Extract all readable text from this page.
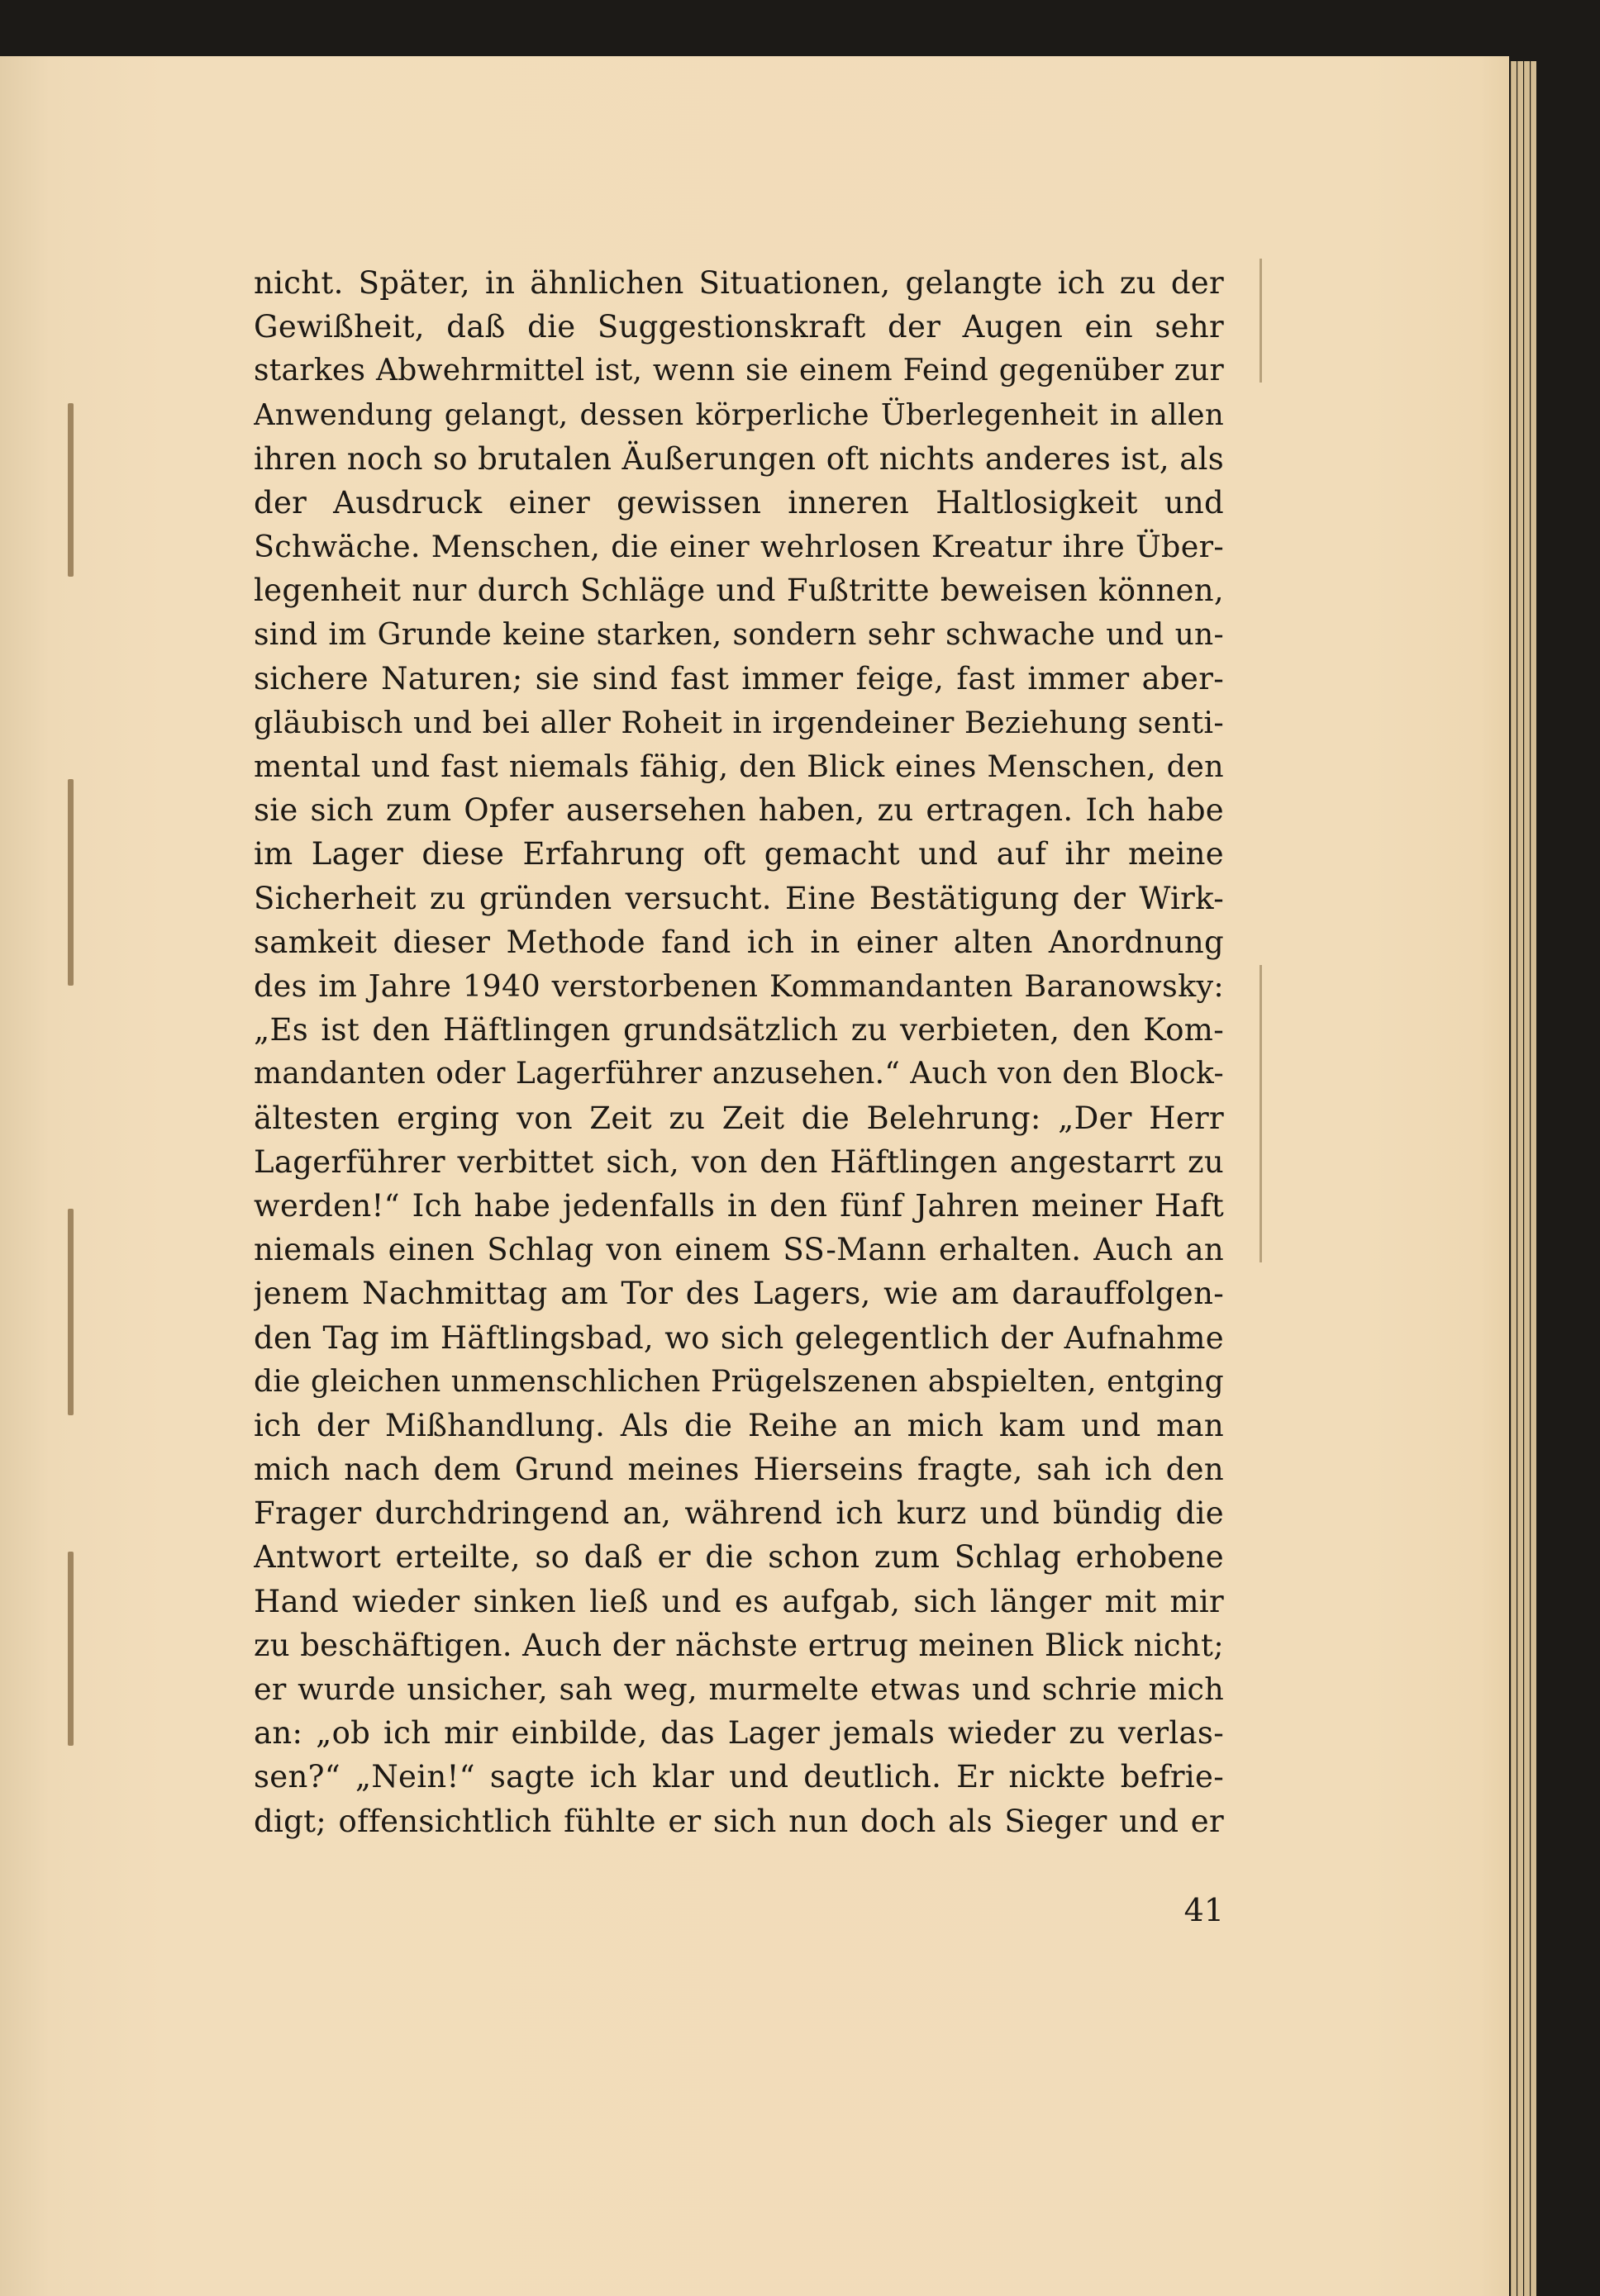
nicht. Später, in ähnlichen Situationen, gelangte ich zu der
Gewißheit, daß die Suggestionskraft der Augen ein sehr
starkes Abwehrmittel ist, wenn sie einem Feind gegenüber zur
Anwendung gelangt, dessen körperliche Überlegenheit in allen
ihren noch so brutalen Äußerungen oft nichts anderes ist, als
der Ausdruck einer gewissen inneren Haltlosigkeit und
Schwäche. Menschen, die einer wehrlosen Kreatur ihre Über-
legenheit nur durch Schläge und Fußtritte beweisen können,
sind im Grunde keine starken, sondern sehr schwache und un-
sichere Naturen; sie sind fast immer feige, fast immer aber-
gläubisch und bei aller Roheit in irgendeiner Beziehung senti-
mental und fast niemals fähig, den Blick eines Menschen, den
sie sich zum Opfer ausersehen haben, zu ertragen. Ich habe
im Lager diese Erfahrung oft gemacht und auf ihr meine
Sicherheit zu gründen versucht. Eine Bestätigung der Wirk-
samkeit dieser Methode fand ich in einer alten Anordnung
des im Jahre 1940 verstorbenen Kommandanten Baranowsky:
„Es ist den Häftlingen grundsätzlich zu verbieten, den Kom-
mandanten oder Lagerführer anzusehen.“ Auch von den Block-
ältesten erging von Zeit zu Zeit die Belehrung: „Der Herr
Lagerführer verbittet sich, von den Häftlingen angestarrt zu
werden!“ Ich habe jedenfalls in den fünf Jahren meiner Haft
niemals einen Schlag von einem SS-Mann erhalten. Auch an
jenem Nachmittag am Tor des Lagers, wie am darauffolgen-
den Tag im Häftlingsbad, wo sich gelegentlich der Aufnahme
die gleichen unmenschlichen Prügelszenen abspielten, entging
ich der Mißhandlung. Als die Reihe an mich kam und man
mich nach dem Grund meines Hierseins fragte, sah ich den
Frager durchdringend an, während ich kurz und bündig die
Antwort erteilte, so daß er die schon zum Schlag erhobene
Hand wieder sinken ließ und es aufgab, sich länger mit mir
zu beschäftigen. Auch der nächste ertrug meinen Blick nicht;
er wurde unsicher, sah weg, murmelte etwas und schrie mich
an: „ob ich mir einbilde, das Lager jemals wieder zu verlas-
sen?“ „Nein!“ sagte ich klar und deutlich. Er nickte befrie-
digt; offensichtlich fühlte er sich nun doch als Sieger und er
41
